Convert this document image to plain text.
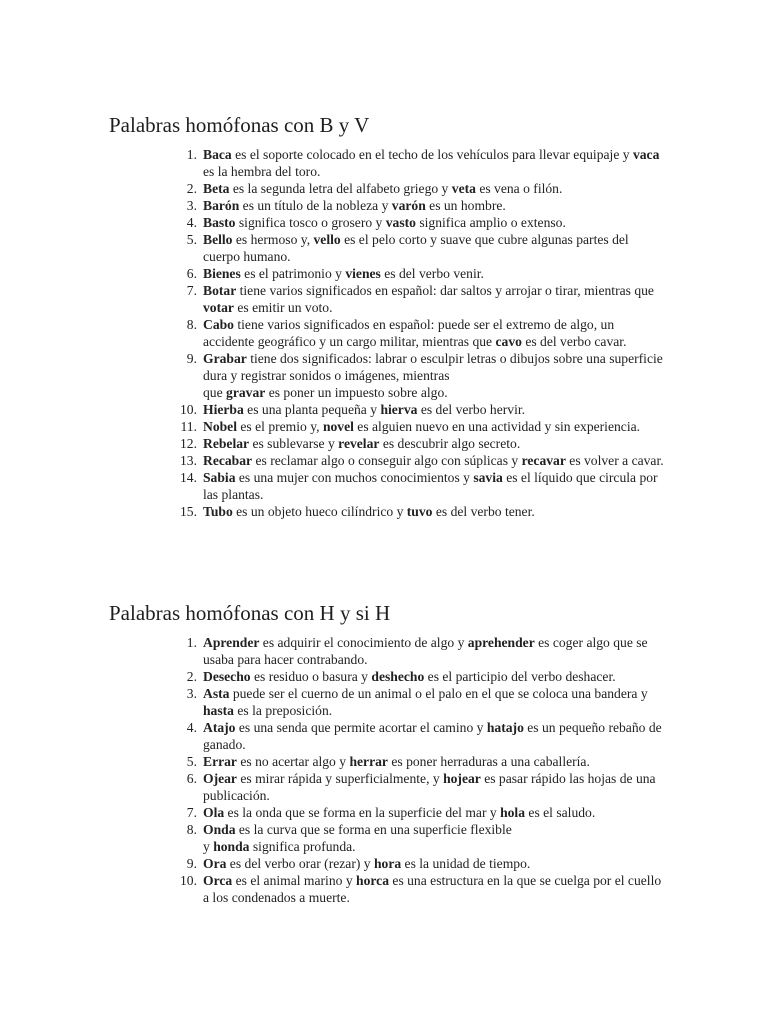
Palabras homófonas con B y V
1. Baca es el soporte colocado en el techo de los vehículos para llevar equipaje y vaca es la hembra del toro.
2. Beta es la segunda letra del alfabeto griego y veta es vena o filón.
3. Barón es un título de la nobleza y varón es un hombre.
4. Basto significa tosco o grosero y vasto significa amplio o extenso.
5. Bello es hermoso y, vello es el pelo corto y suave que cubre algunas partes del cuerpo humano.
6. Bienes es el patrimonio y vienes es del verbo venir.
7. Botar tiene varios significados en español: dar saltos y arrojar o tirar, mientras que votar es emitir un voto.
8. Cabo tiene varios significados en español: puede ser el extremo de algo, un accidente geográfico y un cargo militar, mientras que cavo es del verbo cavar.
9. Grabar tiene dos significados: labrar o esculpir letras o dibujos sobre una superficie dura y registrar sonidos o imágenes, mientras
que gravar es poner un impuesto sobre algo.
10. Hierba es una planta pequeña y hierva es del verbo hervir.
11. Nobel es el premio y, novel es alguien nuevo en una actividad y sin experiencia.
12. Rebelar es sublevarse y revelar es descubrir algo secreto.
13. Recabar es reclamar algo o conseguir algo con súplicas y recavar es volver a cavar.
14. Sabia es una mujer con muchos conocimientos y savia es el líquido que circula por las plantas.
15. Tubo es un objeto hueco cilíndrico y tuvo es del verbo tener.
Palabras homófonas con H y si H
1. Aprender es adquirir el conocimiento de algo y aprehender es coger algo que se usaba para hacer contrabando.
2. Desecho es residuo o basura y deshecho es el participio del verbo deshacer.
3. Asta puede ser el cuerno de un animal o el palo en el que se coloca una bandera y hasta es la preposición.
4. Atajo es una senda que permite acortar el camino y hatajo es un pequeño rebaño de ganado.
5. Errar es no acertar algo y herrar es poner herraduras a una caballería.
6. Ojear es mirar rápida y superficialmente, y hojear es pasar rápido las hojas de una publicación.
7. Ola es la onda que se forma en la superficie del mar y hola es el saludo.
8. Onda es la curva que se forma en una superficie flexible
y honda significa profunda.
9. Ora es del verbo orar (rezar) y hora es la unidad de tiempo.
10. Orca es el animal marino y horca es una estructura en la que se cuelga por el cuello a los condenados a muerte.
